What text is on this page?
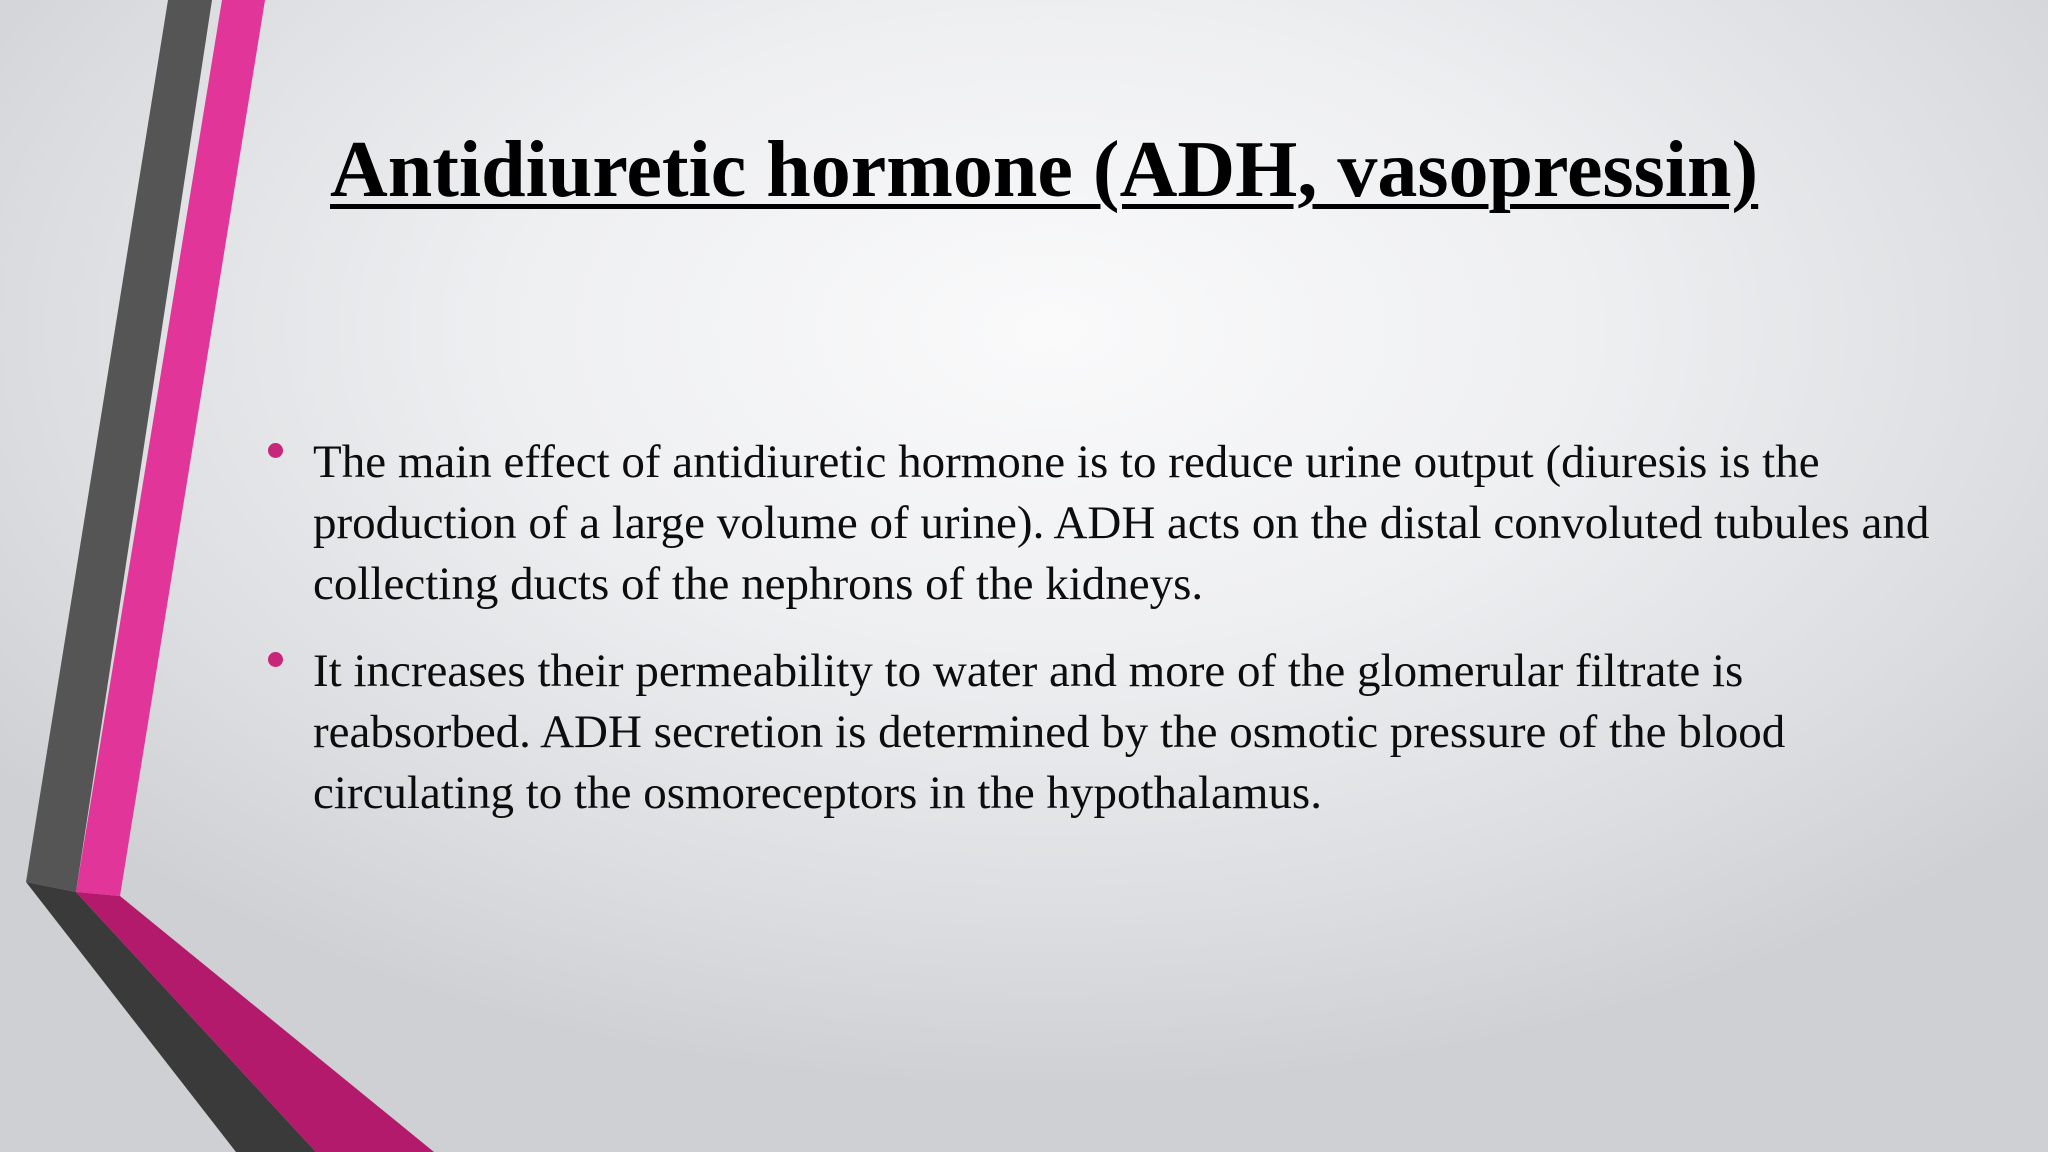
Antidiuretic hormone (ADH, vasopressin)
The main effect of antidiuretic hormone is to reduce urine output (diuresis is the production of a large volume of urine). ADH acts on the distal convoluted tubules and collecting ducts of the nephrons of the kidneys.
It increases their permeability to water and more of the glomerular filtrate is reabsorbed. ADH secretion is determined by the osmotic pressure of the blood circulating to the osmoreceptors in the hypothalamus.
